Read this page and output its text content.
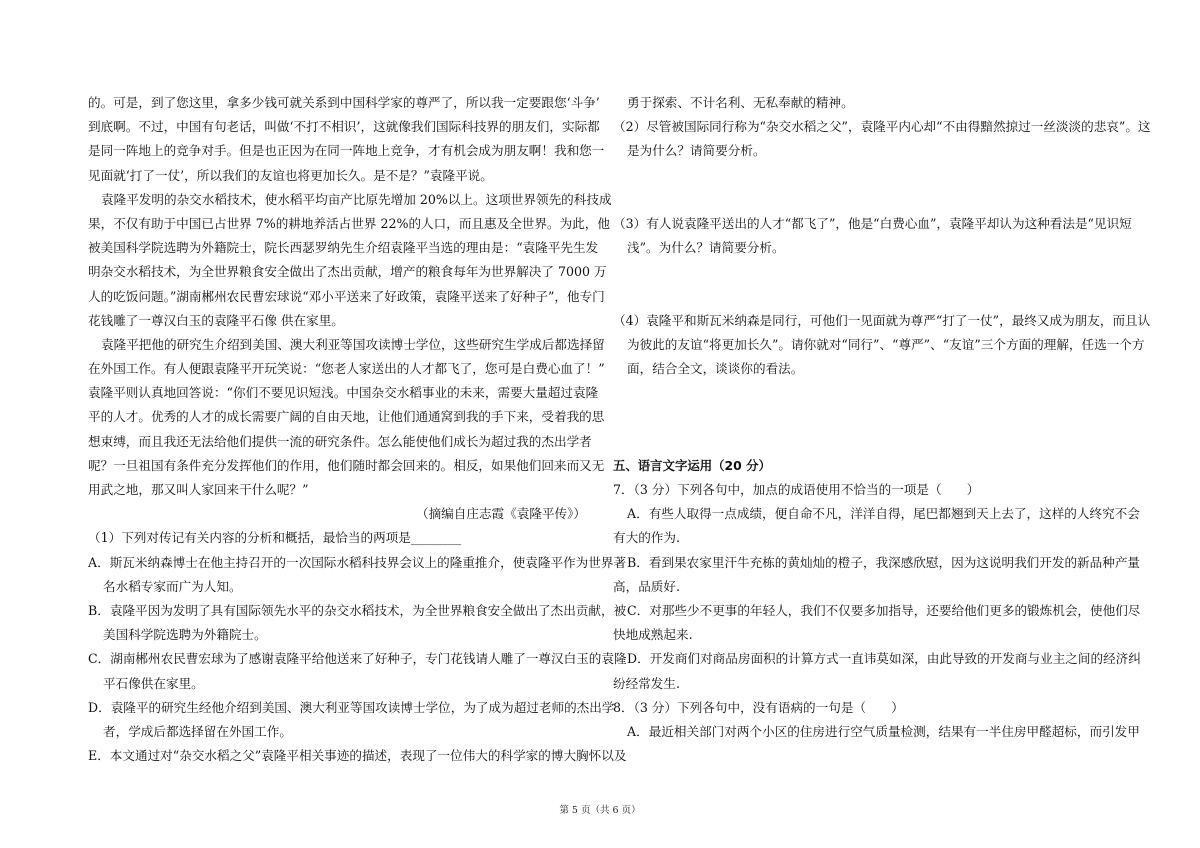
的。可是，到了您这里，拿多少钱可就关系到中国科学家的尊严了，所以我一定要跟您‘斗争’
到底啊。不过，中国有句老话，叫做‘不打不相识’，这就像我们国际科技界的朋友们，实际都
是同一阵地上的竞争对手。但是也正因为在同一阵地上竞争，才有机会成为朋友啊！我和您一
见面就‘打了一仗’，所以我们的友谊也将更加长久。是不是？”袁隆平说。
袁隆平发明的杂交水稻技术，使水稻平均亩产比原先增加 20%以上。这项世界领先的科技成
果，不仅有助于中国已占世界 7%的耕地养活占世界 22%的人口，而且惠及全世界。为此，他
被美国科学院选聘为外籍院士，院长西瑟罗纳先生介绍袁隆平当选的理由是：“袁隆平先生发
明杂交水稻技术，为全世界粮食安全做出了杰出贡献，增产的粮食每年为世界解决了 7000 万
人的吃饭问题。”湖南郴州农民曹宏球说“邓小平送来了好政策，袁隆平送来了好种子”，他专门
花钱雕了一尊汉白玉的袁隆平石像 供在家里。
袁隆平把他的研究生介绍到美国、澳大利亚等国攻读博士学位，这些研究生学成后都选择留
在外国工作。有人便跟袁隆平开玩笑说：“您老人家送出的人才都飞了，您可是白费心血了！”
袁隆平则认真地回答说：“你们不要见识短浅。中国杂交水稻事业的未来，需要大量超过袁隆
平的人才。优秀的人才的成长需要广阔的自由天地，让他们通通窝到我的手下来，受着我的思
想束缚，而且我还无法给他们提供一流的研究条件。怎么能使他们成长为超过我的杰出学者
呢？一旦祖国有条件充分发挥他们的作用，他们随时都会回来的。相反，如果他们回来而又无
用武之地，那又叫人家回来干什么呢？”
（摘编自庄志霞《袁隆平传》）
（1）下列对传记有关内容的分析和概括，最恰当的两项是________
A．斯瓦米纳森博士在他主持召开的一次国际水稻科技界会议上的隆重推介，使袁隆平作为世界著
名水稻专家而广为人知。
B．袁隆平因为发明了具有国际领先水平的杂交水稻技术，为全世界粮食安全做出了杰出贡献，被
美国科学院选聘为外籍院士。
C．湖南郴州农民曹宏球为了感谢袁隆平给他送来了好种子，专门花钱请人雕了一尊汉白玉的袁隆
平石像供在家里。
D．袁隆平的研究生经他介绍到美国、澳大利亚等国攻读博士学位，为了成为超过老师的杰出学
者，学成后都选择留在外国工作。
E．本文通过对“杂交水稻之父”袁隆平相关事迹的描述，表现了一位伟大的科学家的博大胸怀以及
勇于探索、不计名利、无私奉献的精神。
（2）尽管被国际同行称为“杂交水稻之父”，袁隆平内心却“不由得黯然掠过一丝淡淡的悲哀”。这
是为什么？请简要分析。
（3）有人说袁隆平送出的人才“都飞了”，他是“白费心血”，袁隆平却认为这种看法是“见识短
浅”。为什么？请简要分析。
（4）袁隆平和斯瓦米纳森是同行，可他们一见面就为尊严“打了一仗”，最终又成为朋友，而且认
为彼此的友谊“将更加长久”。请你就对“同行”、“尊严”、“友谊”三个方面的理解，任选一个方
面，结合全文，谈谈你的看法。
五、语言文字运用（20 分）
7．（3 分）下列各句中，加点的成语使用不恰当的一项是（　　）
A．有些人取得一点成绩，便自命不凡，洋洋自得，尾巴都翘到天上去了，这样的人终究不会
有大的作为.
B．看到果农家里汗牛充栋的黄灿灿的橙子，我深感欣慰，因为这说明我们开发的新品种产量
高，品质好.
C．对那些少不更事的年轻人，我们不仅要多加指导，还要给他们更多的锻炼机会，使他们尽
快地成熟起来.
D．开发商们对商品房面积的计算方式一直讳莫如深，由此导致的开发商与业主之间的经济纠
纷经常发生.
8．（3 分）下列各句中，没有语病的一句是（　　）
A．最近相关部门对两个小区的住房进行空气质量检测，结果有一半住房甲醛超标，而引发甲
第 5 页（共 6 页）
